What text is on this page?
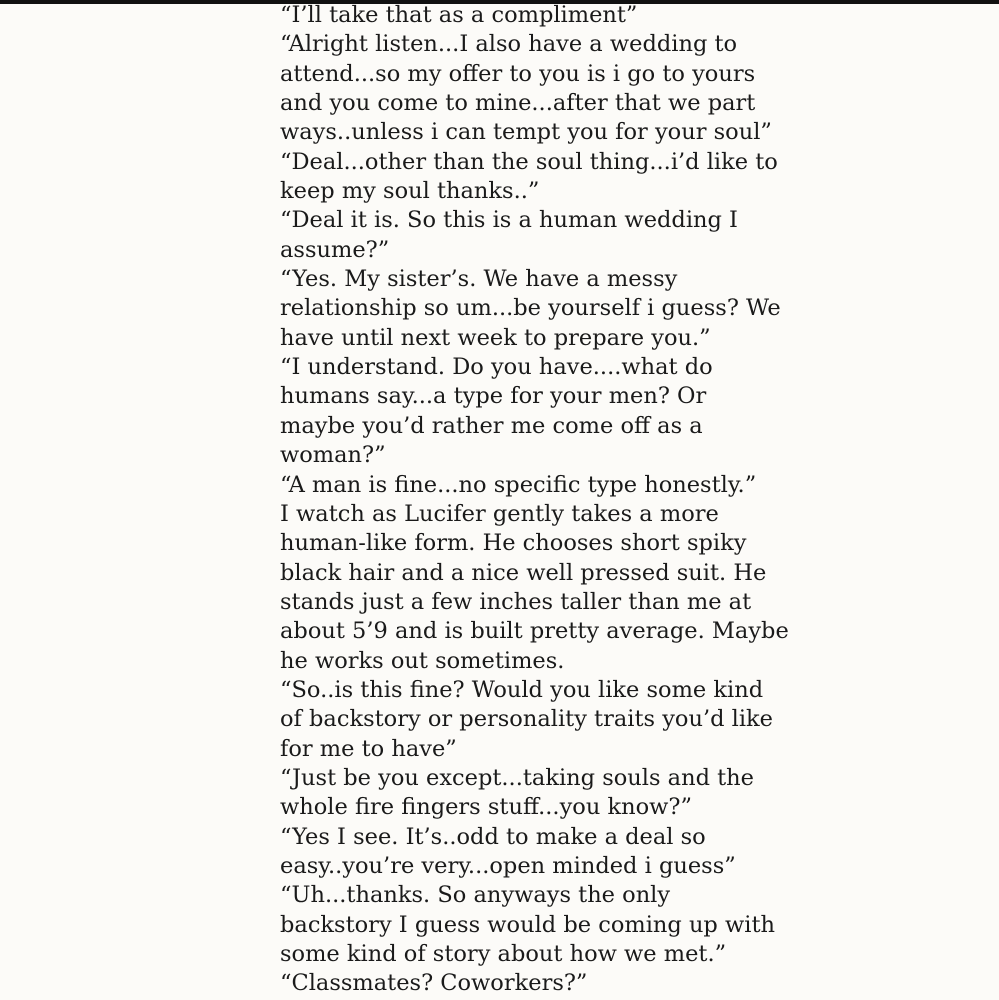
“I’ll take that as a compliment”
“Alright listen...I also have a wedding to
attend...so my offer to you is i go to yours
and you come to mine...after that we part
ways..unless i can tempt you for your soul”
“Deal...other than the soul thing...i’d like to
keep my soul thanks..”
“Deal it is. So this is a human wedding I
assume?”
“Yes. My sister’s. We have a messy
relationship so um...be yourself i guess? We
have until next week to prepare you.”
“I understand. Do you have....what do
humans say...a type for your men? Or
maybe you’d rather me come off as a
woman?”
“A man is fine...no specific type honestly.”
I watch as Lucifer gently takes a more
human-like form. He chooses short spiky
black hair and a nice well pressed suit. He
stands just a few inches taller than me at
about 5’9 and is built pretty average. Maybe
he works out sometimes.
“So..is this fine? Would you like some kind
of backstory or personality traits you’d like
for me to have”
“Just be you except...taking souls and the
whole fire fingers stuff...you know?”
“Yes I see. It’s..odd to make a deal so
easy..you’re very...open minded i guess”
“Uh...thanks. So anyways the only
backstory I guess would be coming up with
some kind of story about how we met.”
“Classmates? Coworkers?”
